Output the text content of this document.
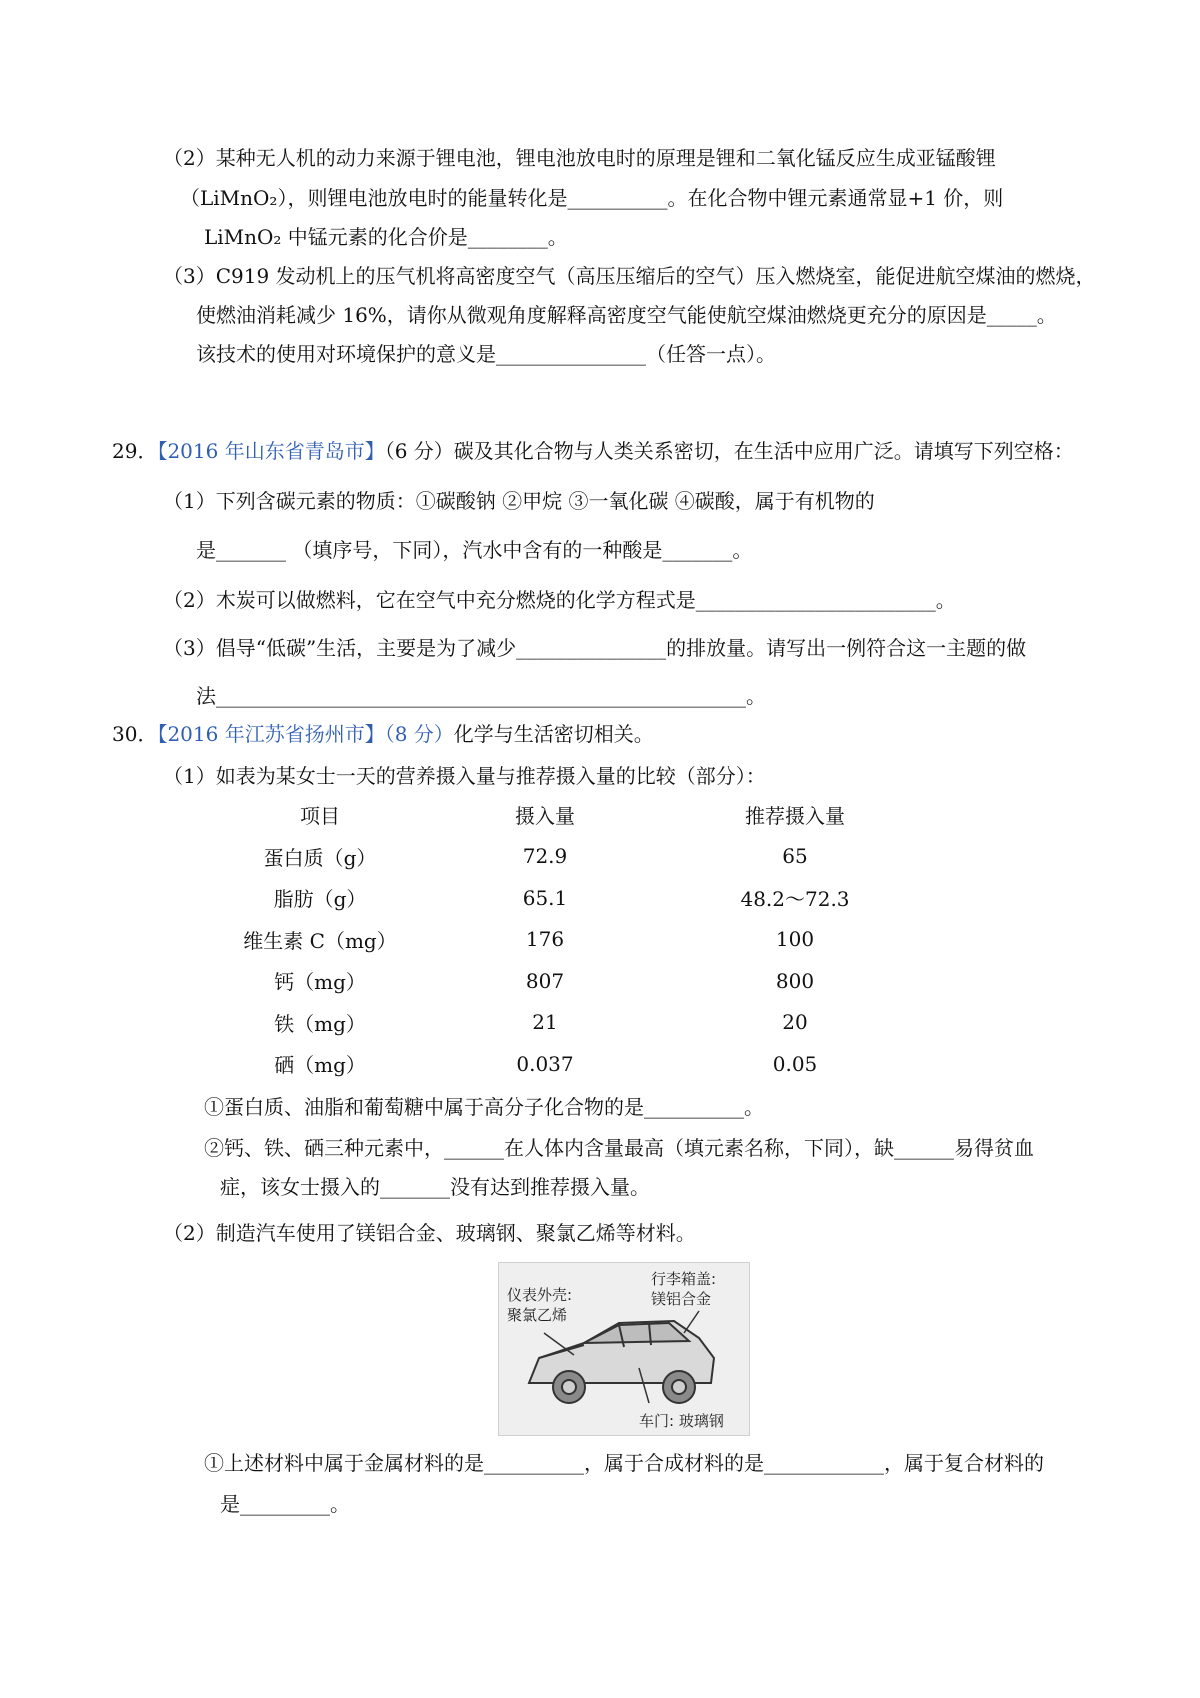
（2）某种无人机的动力来源于锂电池，锂电池放电时的原理是锂和二氧化锰反应生成亚锰酸锂
（LiMnO₂），则锂电池放电时的能量转化是__________。在化合物中锂元素通常显+1 价，则
LiMnO₂ 中锰元素的化合价是________。
（3）C919 发动机上的压气机将高密度空气（高压压缩后的空气）压入燃烧室，能促进航空煤油的燃烧，
使燃油消耗减少 16%，请你从微观角度解释高密度空气能使航空煤油燃烧更充分的原因是_____。
该技术的使用对环境保护的意义是_______________（任答一点）。
29．【2016 年山东省青岛市】（6 分）碳及其化合物与人类关系密切，在生活中应用广泛。请填写下列空格：
（1）下列含碳元素的物质：①碳酸钠 ②甲烷 ③一氧化碳 ④碳酸，属于有机物的
是_______ （填序号，下同），汽水中含有的一种酸是_______。
（2）木炭可以做燃料，它在空气中充分燃烧的化学方程式是________________________。
（3）倡导“低碳”生活，主要是为了减少_______________的排放量。请写出一例符合这一主题的做
法_____________________________________________________。
30．【2016 年江苏省扬州市】（8 分）化学与生活密切相关。
（1）如表为某女士一天的营养摄入量与推荐摄入量的比较（部分）：
项目	摄入量	推荐摄入量
蛋白质（g）	72.9	65
脂肪（g）	65.1	48.2～72.3
维生素 C（mg）	176	100
钙（mg）	807	800
铁（mg）	21	20
硒（mg）	0.037	0.05
①蛋白质、油脂和葡萄糖中属于高分子化合物的是__________。
②钙、铁、硒三种元素中，______在人体内含量最高（填元素名称，下同），缺______易得贫血
症，该女士摄入的_______没有达到推荐摄入量。
（2）制造汽车使用了镁铝合金、玻璃钢、聚氯乙烯等材料。
仪表外壳:
聚氯乙烯
行李箱盖:
镁铝合金
车门: 玻璃钢
①上述材料中属于金属材料的是__________，属于合成材料的是____________，属于复合材料的
是_________。
